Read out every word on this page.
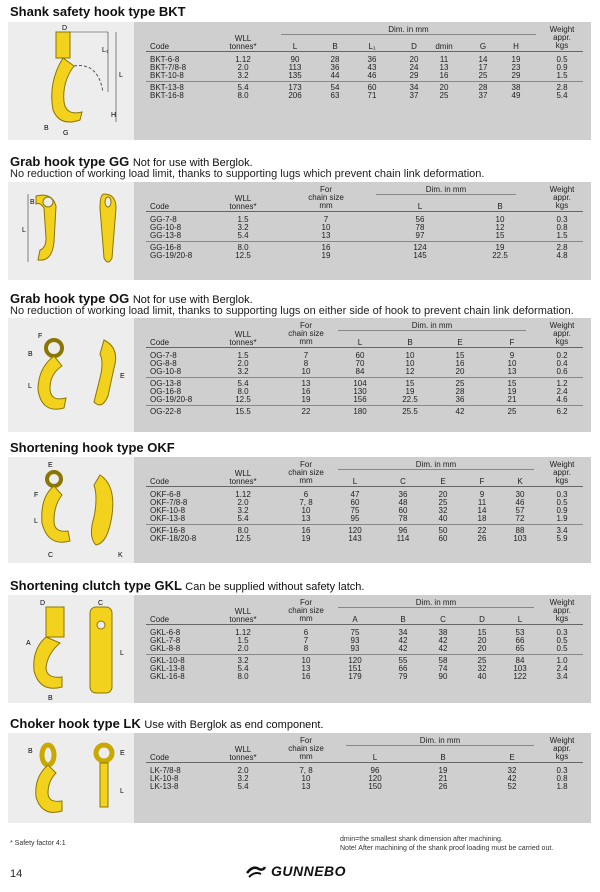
Shank safety hook type BKT
D
L₁
L
H
B
G
Code
WLL
tonnes*
Dim. in mm
L	B	L₁	D	dmin	G	H
Weight
appr.
kgs
BKT-6-8	1.12	90	28	36	20	11	14	19	0.5
BKT-7/8-8	2.0	113	36	43	24	13	17	23	0.9
BKT-10-8	3.2	135	44	46	29	16	25	29	1.5
BKT-13-8	5.4	173	54	60	34	20	28	38	2.8
BKT-16-8	8.0	206	63	71	37	25	37	49	5.4
Grab hook type GG Not for use with Berglok.
No reduction of working load limit, thanks to supporting lugs which prevent chain link deformation.
B
L
Code
WLL
tonnes*
For
chain size
mm
Dim. in mm
L	B
Weight
appr.
kgs
GG-7-8	1.5	7	56	10	0.3
GG-10-8	3.2	10	78	12	0.8
GG-13-8	5.4	13	97	15	1.5
GG-16-8	8.0	16	124	19	2.8
GG-19/20-8	12.5	19	145	22.5	4.8
Grab hook type OG Not for use with Berglok.
No reduction of working load limit, thanks to supporting lugs on either side of hook to prevent chain link deformation.
F
B
L
E
Code
WLL
tonnes*
For
chain size
mm
Dim. in mm
L	B	E	F
Weight
appr.
kgs
OG-7-8	1.5	7	60	10	15	9	0.2
OG-8-8	2.0	8	70	10	16	10	0.4
OG-10-8	3.2	10	84	12	20	13	0.6
OG-13-8	5.4	13	104	15	25	15	1.2
OG-16-8	8.0	16	130	19	28	19	2.4
OG-19/20-8	12.5	19	156	22.5	36	21	4.6
OG-22-8	15.5	22	180	25.5	42	25	6.2
Shortening hook type OKF
E
F
L
C	K
Code
WLL
tonnes*
For
chain size
mm
Dim. in mm
L	C	E	F	K
Weight
appr.
kgs
OKF-6-8	1.12	6	47	36	20	9	30	0.3
OKF-7/8-8	2.0	7, 8	60	48	25	11	46	0.5
OKF-10-8	3.2	10	75	60	32	14	57	0.9
OKF-13-8	5.4	13	95	78	40	18	72	1.9
OKF-16-8	8.0	16	120	96	50	22	88	3.4
OKF-18/20-8	12.5	19	143	114	60	26	103	5.9
Shortening clutch type GKL Can be supplied without safety latch.
D
A
B
C
L
Code
WLL
tonnes*
For
chain size
mm
Dim. in mm
A	B	C	D	L
Weight
appr.
kgs
GKL-6-8	1.12	6	75	34	38	15	53	0.3
GKL-7-8	1.5	7	93	42	42	20	66	0.5
GKL-8-8	2.0	8	93	42	42	20	65	0.5
GKL-10-8	3.2	10	120	55	58	25	84	1.0
GKL-13-8	5.4	13	151	66	74	32	103	2.4
GKL-16-8	8.0	16	179	79	90	40	122	3.4
Choker hook type LK Use with Berglok as end component.
B	E
L
Code
WLL
tonnes*
For
chain size
mm
Dim. in mm
L	B	E
Weight
appr.
kgs
LK-7/8-8	2.0	7, 8	96	19	32	0.3
LK-10-8	3.2	10	120	21	42	0.8
LK-13-8	5.4	13	150	26	52	1.8
* Safety factor 4:1
dmin=the smallest shank dimension after machining.
Note! After machining of the shank proof loading must be carried out.
14	GUNNEBO
